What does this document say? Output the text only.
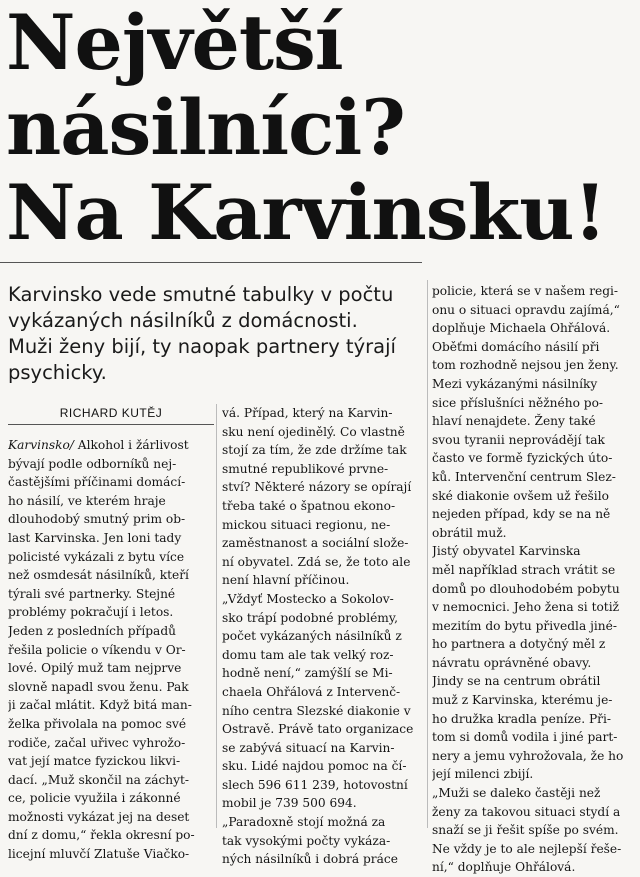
Největší
násilníci?
Na Karvinsku!
Karvinsko vede smutné tabulky v počtu
vykázaných násilníků z domácnosti.
Muži ženy bijí, ty naopak partnery týrají
psychicky.
RICHARD KUTĚJ
Karvinsko/ Alkohol i žárlivost
bývají podle odborníků nej-
častějšími příčinami domácí-
ho násilí, ve kterém hraje
dlouhodobý smutný prim ob-
last Karvinska. Jen loni tady
policisté vykázali z bytu více
než osmdesát násilníků, kteří
týrali své partnerky. Stejné
problémy pokračují i letos.
Jeden z posledních případů
řešila policie o víkendu v Or-
lové. Opilý muž tam nejprve
slovně napadl svou ženu. Pak
ji začal mlátit. Když bitá man-
želka přivolala na pomoc své
rodiče, začal uřivec vyhrožo-
vat její matce fyzickou likvi-
dací. „Muž skončil na záchyt-
ce, policie využila i zákonné
možnosti vykázat jej na deset
dní z domu,“ řekla okresní po-
licejní mluvčí Zlatuše Viačko-
vá. Případ, který na Karvin-
sku není ojedinělý. Co vlastně
stojí za tím, že zde držíme tak
smutné republikové prvne-
ství? Některé názory se opírají
třeba také o špatnou ekono-
mickou situaci regionu, ne-
zaměstnanost a sociální slože-
ní obyvatel. Zdá se, že toto ale
není hlavní příčinou.
„Vždyť Mostecko a Sokolov-
sko trápí podobné problémy,
počet vykázaných násilníků z
domu tam ale tak velký roz-
hodně není,“ zamýšlí se Mi-
chaela Ohřálová z Intervenč-
ního centra Slezské diakonie v
Ostravě. Právě tato organizace
se zabývá situací na Karvin-
sku. Lidé najdou pomoc na čí-
slech 596 611 239, hotovostní
mobil je 739 500 694.
„Paradoxně stojí možná za
tak vysokými počty vykáza-
ných násilníků i dobrá práce
policie, která se v našem regi-
onu o situaci opravdu zajímá,“
doplňuje Michaela Ohřálová.
Oběťmi domácího násilí při
tom rozhodně nejsou jen ženy.
Mezi vykázanými násilníky
sice příslušníci něžného po-
hlaví nenajdete. Ženy také
svou tyranii neprovádějí tak
často ve formě fyzických úto-
ků. Intervenční centrum Slez-
ské diakonie ovšem už řešilo
nejeden případ, kdy se na ně
obrátil muž.
Jistý obyvatel Karvinska
měl například strach vrátit se
domů po dlouhodobém pobytu
v nemocnici. Jeho žena si totiž
mezitím do bytu přivedla jiné-
ho partnera a dotyčný měl z
návratu oprávněné obavy.
Jindy se na centrum obrátil
muž z Karvinska, kterému je-
ho družka kradla peníze. Při-
tom si domů vodila i jiné part-
nery a jemu vyhrožovala, že ho
její milenci zbijí.
„Muži se daleko častěji než
ženy za takovou situaci stydí a
snaží se ji řešit spíše po svém.
Ne vždy je to ale nejlepší řeše-
ní,“ doplňuje Ohřálová.
